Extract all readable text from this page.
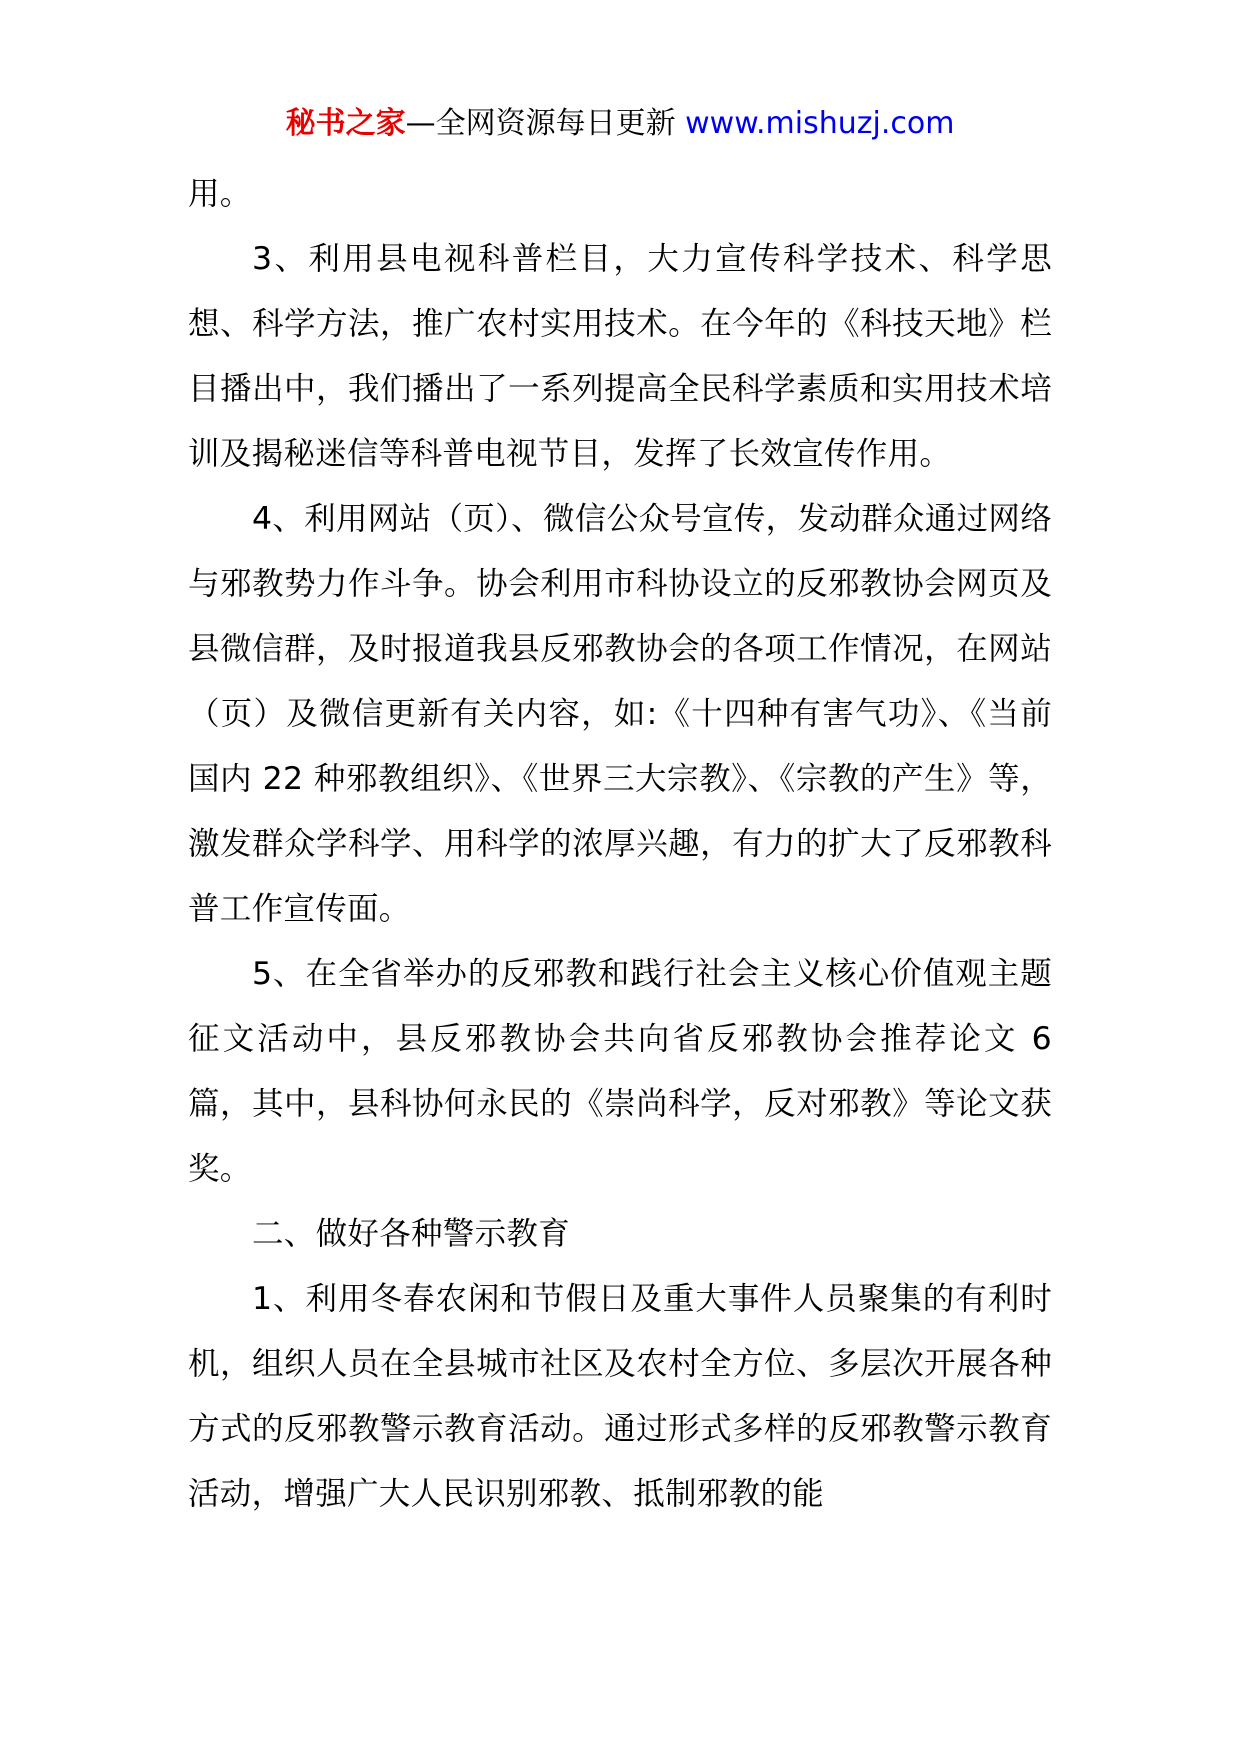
秘书之家—全网资源每日更新 www.mishuzj.com

用。

3、利用县电视科普栏目，大力宣传科学技术、科学思想、科学方法，推广农村实用技术。在今年的《科技天地》栏目播出中，我们播出了一系列提高全民科学素质和实用技术培训及揭秘迷信等科普电视节目，发挥了长效宣传作用。

4、利用网站（页）、微信公众号宣传，发动群众通过网络与邪教势力作斗争。协会利用市科协设立的反邪教协会网页及县微信群，及时报道我县反邪教协会的各项工作情况，在网站（页）及微信更新有关内容，如:《十四种有害气功》、《当前国内 22 种邪教组织》、《世界三大宗教》、《宗教的产生》等，激发群众学科学、用科学的浓厚兴趣，有力的扩大了反邪教科普工作宣传面。

5、在全省举办的反邪教和践行社会主义核心价值观主题征文活动中，县反邪教协会共向省反邪教协会推荐论文 6 篇，其中，县科协何永民的《崇尚科学，反对邪教》等论文获奖。

二、做好各种警示教育

1、利用冬春农闲和节假日及重大事件人员聚集的有利时机，组织人员在全县城市社区及农村全方位、多层次开展各种方式的反邪教警示教育活动。通过形式多样的反邪教警示教育活动，增强广大人民识别邪教、抵制邪教的能
